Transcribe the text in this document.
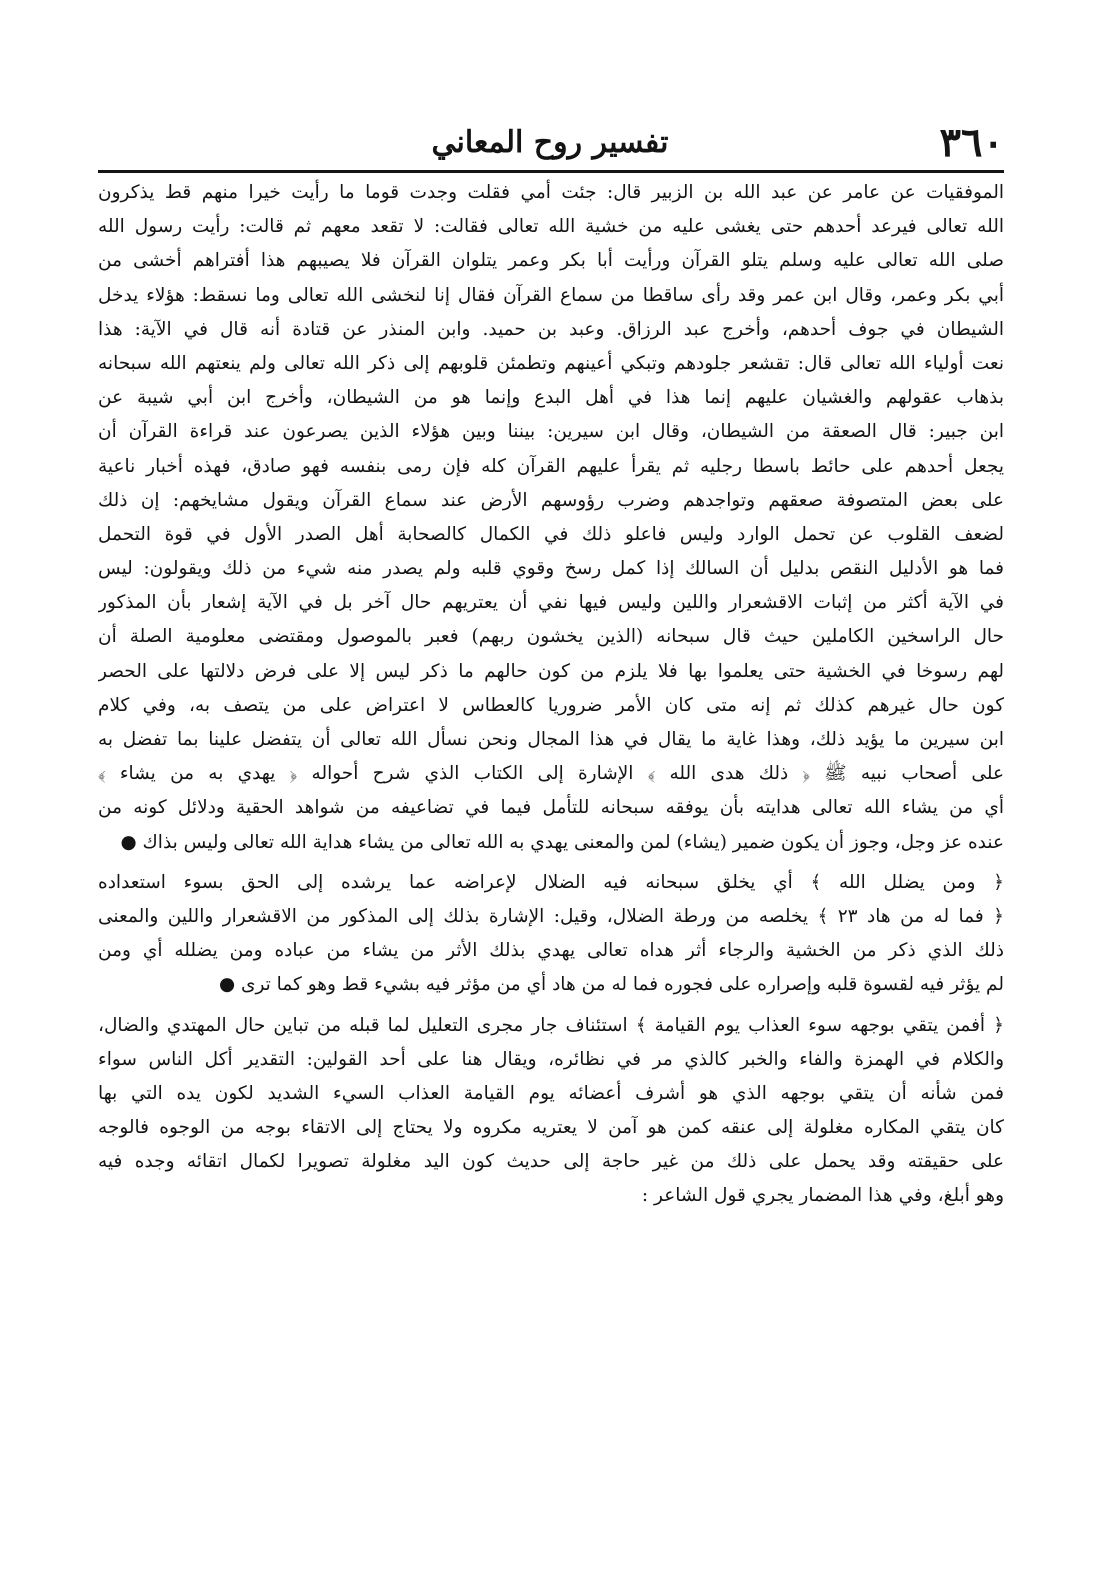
٣٦٠
تفسير روح المعاني
الموفقيات عن عامر عن عبد الله بن الزبير قال: جئت أمي فقلت وجدت قوما ما رأيت خيرا منهم قط يذكرون
الله تعالى فيرعد أحدهم حتى يغشى عليه من خشية الله تعالى فقالت: لا تقعد معهم ثم قالت: رأيت رسول الله
صلى الله تعالى عليه وسلم يتلو القرآن ورأيت أبا بكر وعمر يتلوان القرآن فلا يصيبهم هذا أفتراهم أخشى من
أبي بكر وعمر، وقال ابن عمر وقد رأى ساقطا من سماع القرآن فقال إنا لنخشى الله تعالى وما نسقط: هؤلاء يدخل
الشيطان في جوف أحدهم، وأخرج عبد الرزاق. وعبد بن حميد. وابن المنذر عن قتادة أنه قال في الآية: هذا
نعت أولياء الله تعالى قال: تقشعر جلودهم وتبكي أعينهم وتطمئن قلوبهم إلى ذكر الله تعالى ولم ينعتهم الله سبحانه
بذهاب عقولهم والغشيان عليهم إنما هذا في أهل البدع وإنما هو من الشيطان، وأخرج ابن أبي شيبة عن
ابن جبير: قال الصعقة من الشيطان، وقال ابن سيرين: بيننا وبين هؤلاء الذين يصرعون عند قراءة القرآن أن
يجعل أحدهم على حائط باسطا رجليه ثم يقرأ عليهم القرآن كله فإن رمى بنفسه فهو صادق، فهذه أخبار ناعية
على بعض المتصوفة صعقهم وتواجدهم وضرب رؤوسهم الأرض عند سماع القرآن ويقول مشايخهم: إن ذلك
لضعف القلوب عن تحمل الوارد وليس فاعلو ذلك في الكمال كالصحابة أهل الصدر الأول في قوة التحمل
فما هو الأدليل النقص بدليل أن السالك إذا كمل رسخ وقوي قلبه ولم يصدر منه شيء من ذلك ويقولون: ليس
في الآية أكثر من إثبات الاقشعرار واللين وليس فيها نفي أن يعتريهم حال آخر بل في الآية إشعار بأن المذكور
حال الراسخين الكاملين حيث قال سبحانه (الذين يخشون ربهم) فعبر بالموصول ومقتضى معلومية الصلة أن
لهم رسوخا في الخشية حتى يعلموا بها فلا يلزم من كون حالهم ما ذكر ليس إلا على فرض دلالتها على الحصر
كون حال غيرهم كذلك ثم إنه متى كان الأمر ضروريا كالعطاس لا اعتراض على من يتصف به، وفي كلام
ابن سيرين ما يؤيد ذلك، وهذا غاية ما يقال في هذا المجال ونحن نسأل الله تعالى أن يتفضل علينا بما تفضل به
على أصحاب نبيه ﷺ ﴿ ذلك هدى الله ﴾ الإشارة إلى الكتاب الذي شرح أحواله ﴿ يهدي به من يشاء ﴾
أي من يشاء الله تعالى هدايته بأن يوفقه سبحانه للتأمل فيما في تضاعيفه من شواهد الحقية ودلائل كونه من
عنده عز وجل، وجوز أن يكون ضمير (يشاء) لمن والمعنى يهدي به الله تعالى من يشاء هداية الله تعالى وليس بذاك ●
﴿ ومن يضلل الله ﴾ أي يخلق سبحانه فيه الضلال لإعراضه عما يرشده إلى الحق بسوء استعداده
﴿ فما له من هاد ٢٣ ﴾ يخلصه من ورطة الضلال، وقيل: الإشارة بذلك إلى المذكور من الاقشعرار واللين والمعنى
ذلك الذي ذكر من الخشية والرجاء أثر هداه تعالى يهدي بذلك الأثر من يشاء من عباده ومن يضلله أي ومن
لم يؤثر فيه لقسوة قلبه وإصراره على فجوره فما له من هاد أي من مؤثر فيه بشيء قط وهو كما ترى ●
﴿ أفمن يتقي بوجهه سوء العذاب يوم القيامة ﴾ استئناف جار مجرى التعليل لما قبله من تباين حال المهتدي والضال،
والكلام في الهمزة والفاء والخبر كالذي مر في نظائره، ويقال هنا على أحد القولين: التقدير أكل الناس سواء
فمن شأنه أن يتقي بوجهه الذي هو أشرف أعضائه يوم القيامة العذاب السيء الشديد لكون يده التي بها
كان يتقي المكاره مغلولة إلى عنقه كمن هو آمن لا يعتريه مكروه ولا يحتاج إلى الاتقاء بوجه من الوجوه فالوجه
على حقيقته وقد يحمل على ذلك من غير حاجة إلى حديث كون اليد مغلولة تصويرا لكمال اتقائه وجده فيه
وهو أبلغ، وفي هذا المضمار يجري قول الشاعر :
